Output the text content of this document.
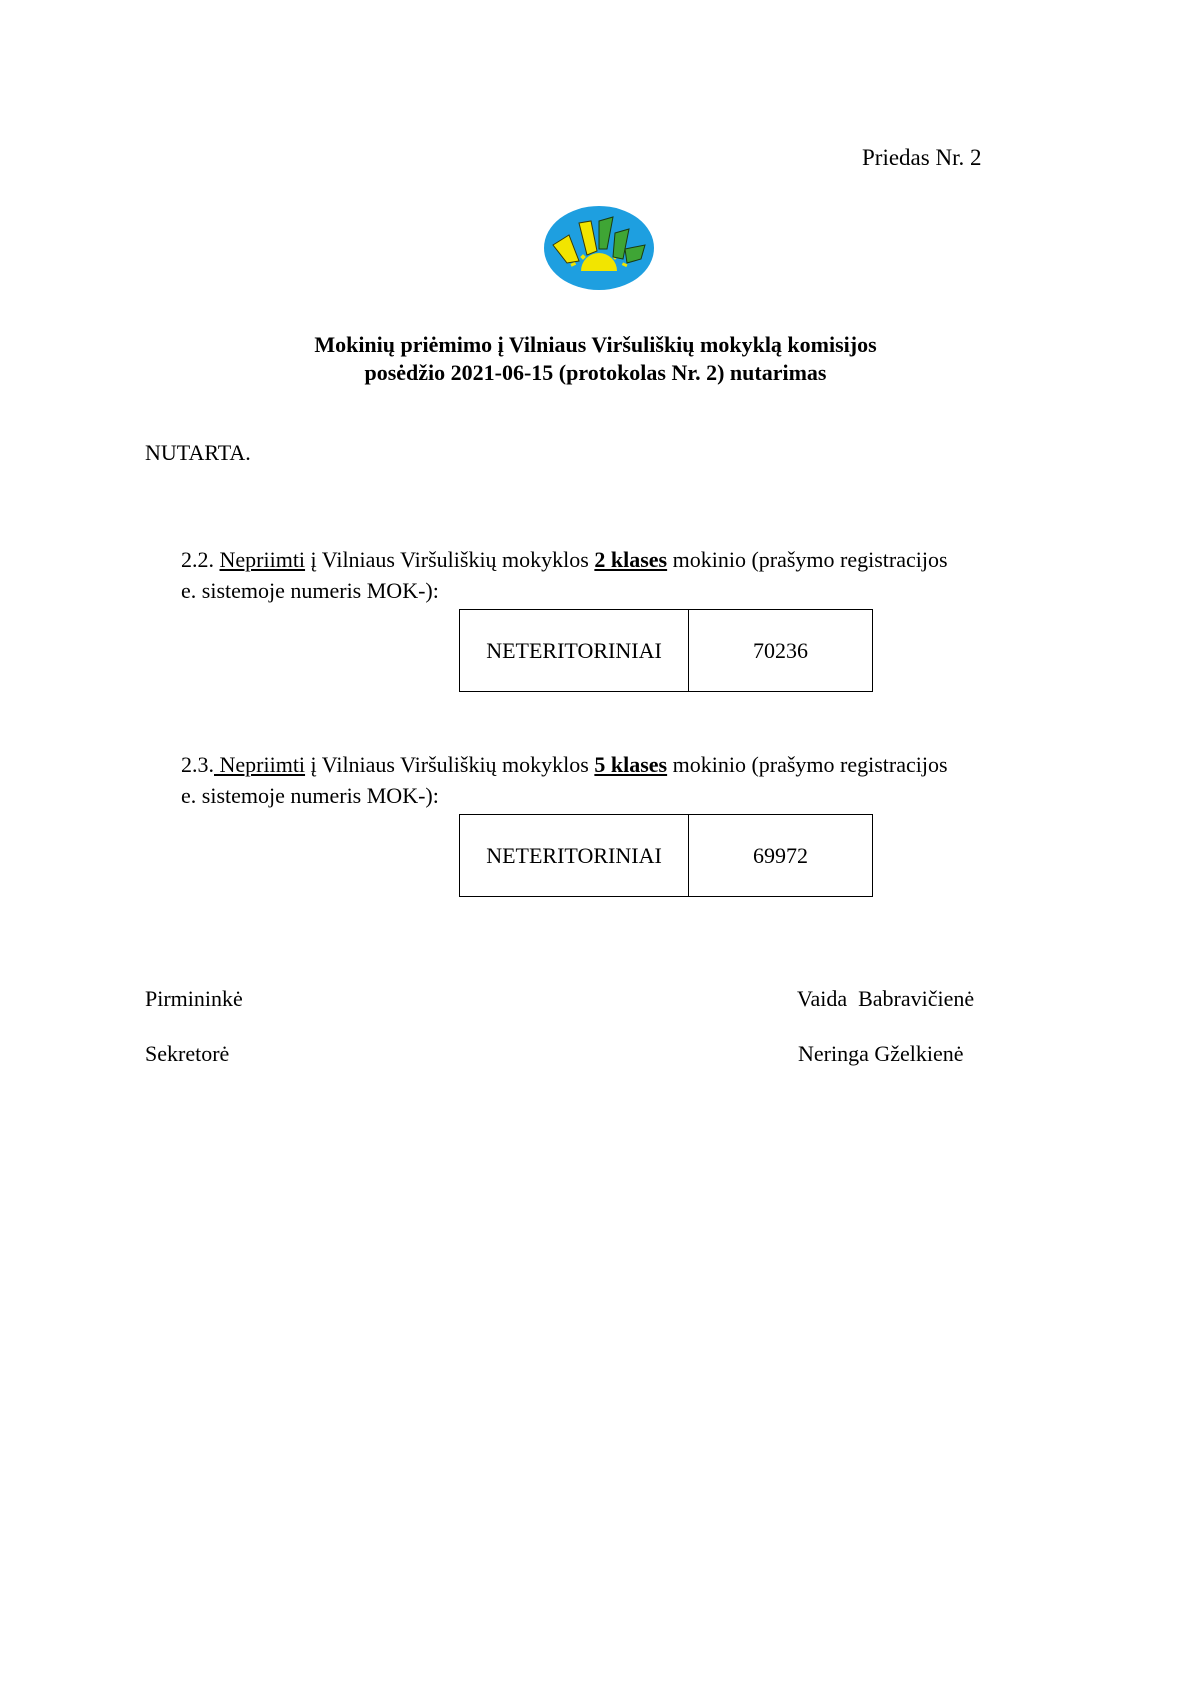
Priedas Nr. 2
Mokinių priėmimo į Vilniaus Viršuliškių mokyklą komisijos
posėdžio 2021-06-15 (protokolas Nr. 2) nutarimas
NUTARTA.
2.2. Nepriimti į Vilniaus Viršuliškių mokyklos 2 klases mokinio (prašymo registracijos
e. sistemoje numeris MOK-):
NETERITORINIAI	70236
2.3. Nepriimti į Vilniaus Viršuliškių mokyklos 5 klases mokinio (prašymo registracijos
e. sistemoje numeris MOK-):
NETERITORINIAI	69972
Pirmininkė	Vaida  Babravičienė
Sekretorė	Neringa Gželkienė
